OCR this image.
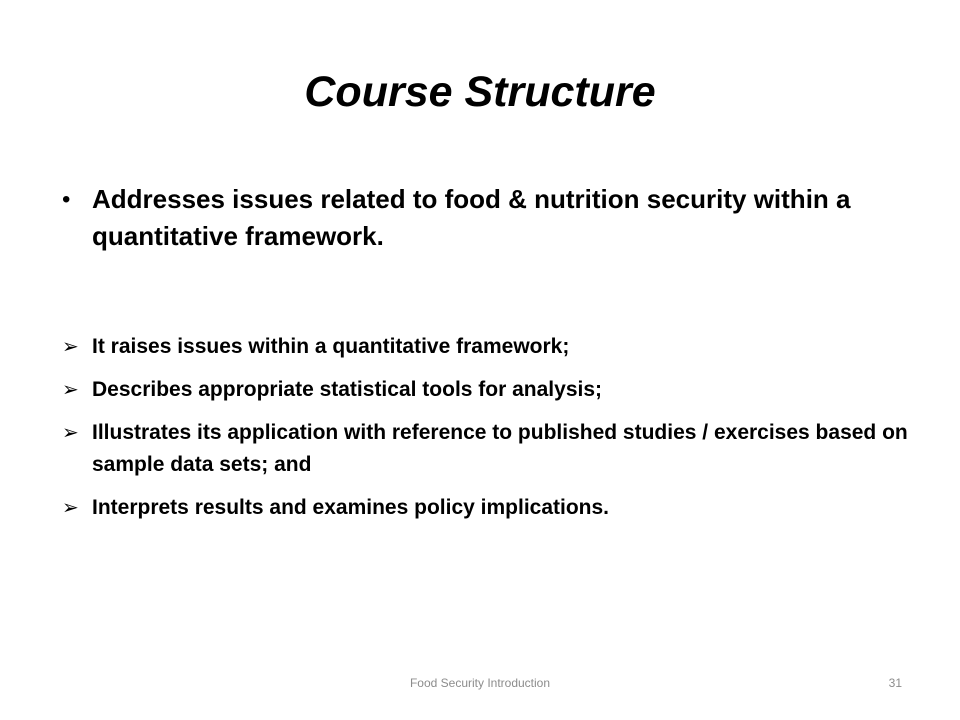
Course Structure
• Addresses issues related to food & nutrition security within a quantitative framework.
➢ It raises issues within a quantitative framework;
➢ Describes appropriate statistical tools for analysis;
➢ Illustrates its application with reference to published studies / exercises based on sample data sets; and
➢ Interprets results and examines policy implications.
Food Security Introduction	31
